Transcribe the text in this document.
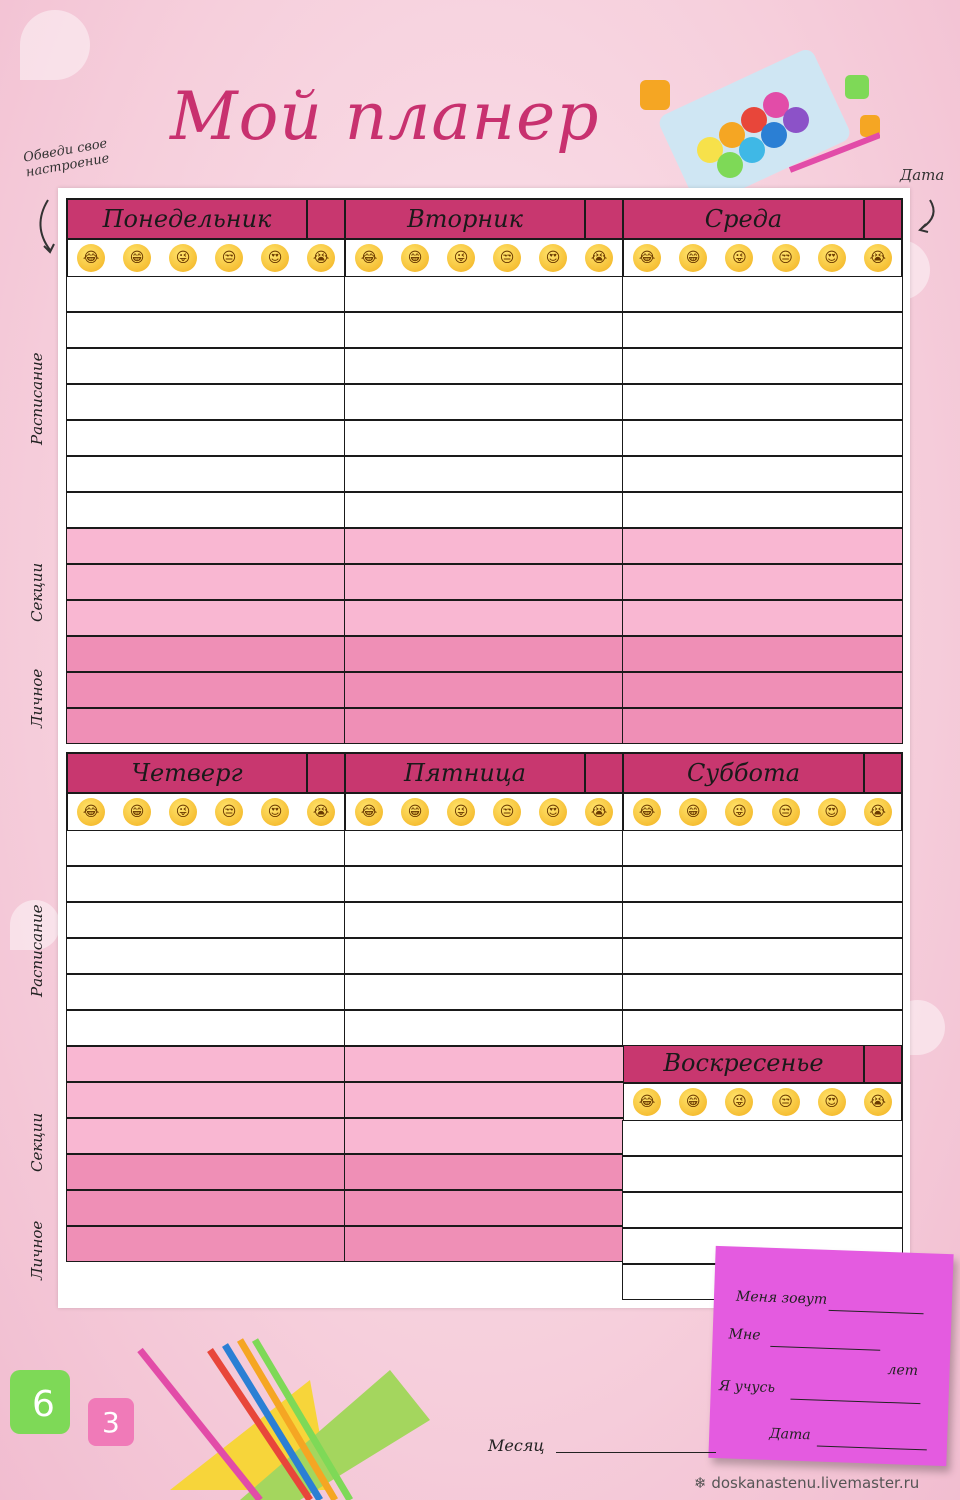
Мой планер
Обведи свое настроение	Дата
Понедельник
😂	😁	😜	😒	😍	😭
Вторник
😂	😁	😜	😒	😍	😭
Среда
😂	😁	😜	😒	😍	😭
Четверг
😂	😁	😜	😒	😍	😭
Пятница
😂	😁	😜	😒	😍	😭
Суббота
😂	😁	😜	😒	😍	😭
Воскресенье
😂	😁	😜	😒	😍	😭
Расписание
Секции
Личное
Расписание
Секции
Личное
6 3
Меня зовут
Мне
лет
Я учусь
Дата
Месяц
❄ doskanastenu.livemaster.ru
